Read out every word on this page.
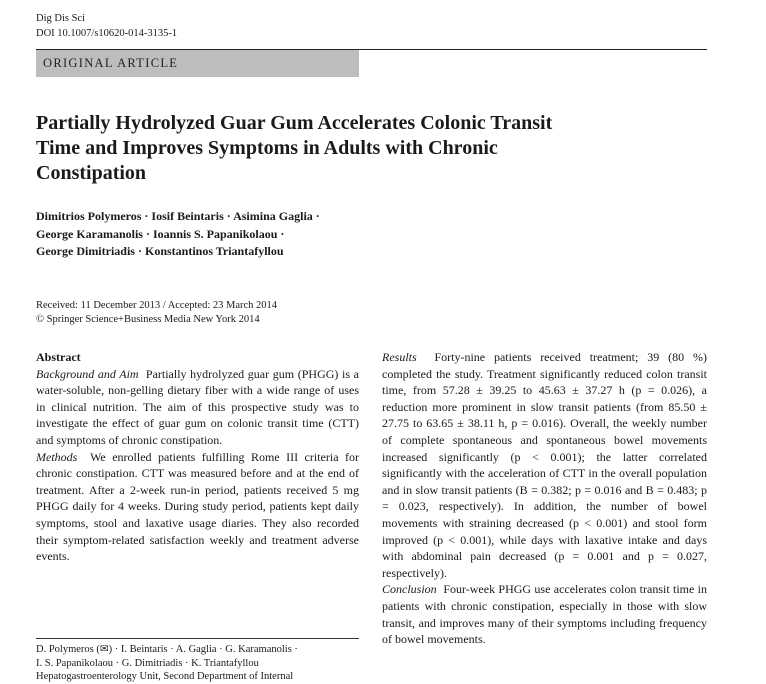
Dig Dis Sci
DOI 10.1007/s10620-014-3135-1
ORIGINAL ARTICLE
Partially Hydrolyzed Guar Gum Accelerates Colonic Transit
Time and Improves Symptoms in Adults with Chronic
Constipation
Dimitrios Polymeros · Iosif Beintaris · Asimina Gaglia ·
George Karamanolis · Ioannis S. Papanikolaou ·
George Dimitriadis · Konstantinos Triantafyllou
Received: 11 December 2013 / Accepted: 23 March 2014
© Springer Science+Business Media New York 2014

Abstract

Background and Aim Partially hydrolyzed guar gum (PHGG) is a water-soluble, non-gelling dietary fiber with a wide range of uses in clinical nutrition. The aim of this prospective study was to investigate the effect of guar gum on colonic transit time (CTT) and symptoms of chronic constipation.

Methods We enrolled patients fulfilling Rome III criteria for chronic constipation. CTT was measured before and at the end of treatment. After a 2-week run-in period, patients received 5 mg PHGG daily for 4 weeks. During study period, patients kept daily symptoms, stool and laxative usage diaries. They also recorded their symptom-related satisfaction weekly and treatment adverse events.

Results Forty-nine patients received treatment; 39 (80 %) completed the study. Treatment significantly reduced colon transit time, from 57.28 ± 39.25 to 45.63 ± 37.27 h (p = 0.026), a reduction more prominent in slow transit patients (from 85.50 ± 27.75 to 63.65 ± 38.11 h, p = 0.016). Overall, the weekly number of complete spontaneous and spontaneous bowel movements increased significantly (p < 0.001); the latter correlated significantly with the acceleration of CTT in the overall population and in slow transit patients (B = 0.382; p = 0.016 and B = 0.483; p = 0.023, respectively). In addition, the number of bowel movements with straining decreased (p < 0.001) and stool form improved (p < 0.001), while days with laxative intake and days with abdominal pain decreased (p = 0.001 and p = 0.027, respectively).

Conclusion Four-week PHGG use accelerates colon transit time in patients with chronic constipation, especially in those with slow transit, and improves many of their symptoms including frequency of bowel movements.

D. Polymeros (✉) · I. Beintaris · A. Gaglia · G. Karamanolis ·
I. S. Papanikolaou · G. Dimitriadis · K. Triantafyllou
Hepatogastroenterology Unit, Second Department of Internal
